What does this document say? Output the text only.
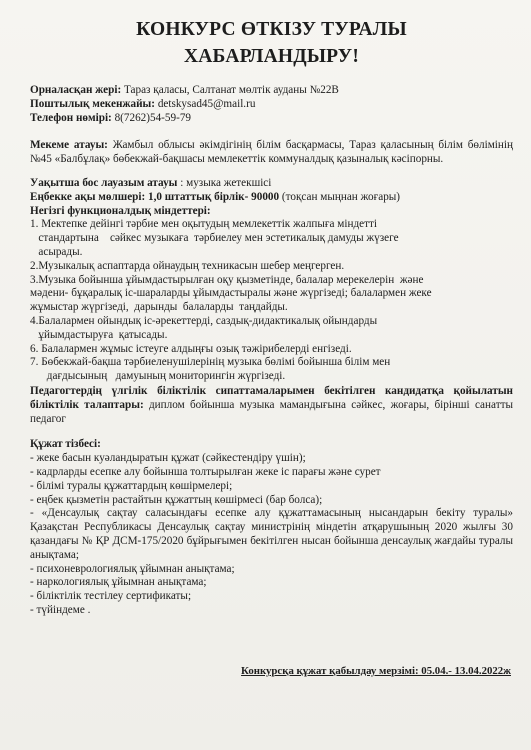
КОНКУРС ӨТКІЗУ ТУРАЛЫ
ХАБАРЛАНДЫРУ!
Орналасқан жері: Тараз қаласы, Салтанат мөлтік ауданы №22В
Поштылық мекенжайы: detskysad45@mail.ru
Телефон нөмірі: 8(7262)54-59-79
Мекеме атауы: Жамбыл облысы әкімдігінің білім басқармасы, Тараз қаласының білім бөлімінің №45 «Балбұлақ» бөбекжай-бақшасы мемлекеттік коммуналдық қазыналық кәсіпорны.
Уақытша бос лауазым атауы : музыка жетекшісі
Еңбекке ақы мөлшері: 1,0 штаттық бірлік- 90000 (тоқсан мыңнан жоғары)
Негізгі функционалдық міндеттері:
1. Мектепке дейінгі тәрбие мен оқытудың мемлекеттік жалпыға міндетті
стандартына    сәйкес музыкаға  тәрбиелеу мен эстетикалық дамуды жүзеге
асырады.
2.Музыкалық аспаптарда ойнаудың техникасын шебер меңгерген.
3.Музыка бойынша ұйымдастырылған оқу қызметінде, балалар мерекелерін  және
мәдени- бұқаралық іс-шараларды ұйымдастыралы және жүргізеді; балалармен жеке
жұмыстар жүргізеді,  дарынды  балаларды  таңдайды.
4.Балалармен ойындық іс-әрекеттерді, саздық-дидактикалық ойындарды
ұйымдастыруға  қатысады.
6. Балалармен жұмыс істеуге алдыңғы озық тәжірибелерді енгізеді.
7. Бөбекжай-бақша тәрбиеленушілерінің музыка бөлімі бойынша білім мен
дағдысының   дамуының мониторингін жүргізеді.
Педагогтердің үлгілік біліктілік сипаттамаларымен бекітілген кандидатқа қойылатын біліктілік талаптары: диплом бойынша музыка мамандығына сәйкес, жоғары, бірінші санатты педагог
Құжат тізбесі:
- жеке басын куәландыратын құжат (сәйкестендіру үшін);
- кадрларды есепке алу бойынша толтырылған жеке іс парағы және сурет
- білімі туралы құжаттардың көшірмелері;
- еңбек қызметін растайтын құжаттың көшірмесі (бар болса);
- «Денсаулық сақтау саласындағы есепке алу құжаттамасының нысандарын бекіту туралы» Қазақстан Республикасы Денсаулық сақтау министрінің міндетін атқарушының 2020 жылғы 30 қазандағы № ҚР ДСМ-175/2020 бұйрығымен бекітілген нысан бойынша денсаулық жағдайы туралы анықтама;
- психоневрологиялық ұйымнан анықтама;
- наркологиялық ұйымнан анықтама;
- біліктілік тестілеу сертификаты;
- түйіндеме .
Конкурсқа құжат қабылдау мерзімі: 05.04.- 13.04.2022ж
